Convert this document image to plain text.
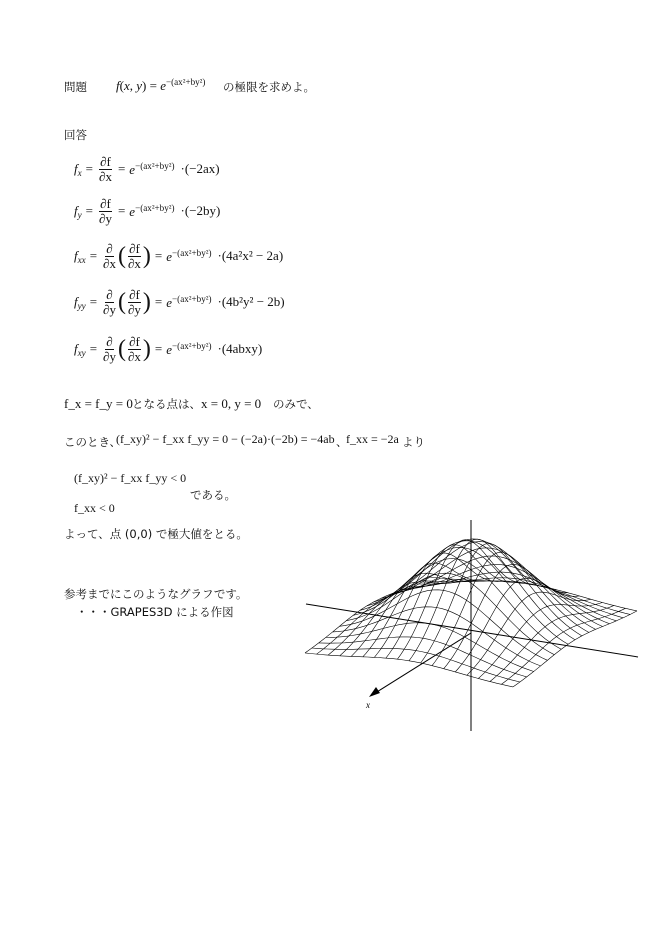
問題 f(x, $y) = e^{-(ax^2+by^2)}$ の極限を求めよ。
回答
$f_x = \frac{\partial f}{\partial x} = e^{-(ax^2+by^2)} \cdot(-2ax)$
$f_y = \frac{\partial f}{\partial y} = e^{-(ax^2+by^2)} \cdot(-2by)$
$f_{xx} = \frac{\partial}{\partial x}$ ( $\frac{\partial f}{\partial x}$ ) = $e^{-(ax^2+by^2)} \cdot(4a^2x^2 - 2a)$
$f_{yy} = \frac{\partial}{\partial y}$ ( $\frac{\partial f}{\partial y}$ ) = $e^{-(ax^2+by^2)} \cdot(4b^2y^2 - 2b)$
$f_{xy} = \frac{\partial}{\partial y}$ ( $\frac{\partial f}{\partial x}$ ) = $e^{-(ax^2+by^2)}$ ·(4abxy)
f_x = f_y = 0 となる点は、 x = 0, y = 0 のみで、
このとき、
(f_xy)² − f_xx f_yy = 0 − (−2a)·(−2b) = −4ab 、
f_xx = −2a より
(f_xy)² − f_xx f_yy < 0
f_xx < 0
である。
よって、点 (0,0) で極大値をとる。
参考までにこのようなグラフです。
・・・GRAPES3D による作図
x
